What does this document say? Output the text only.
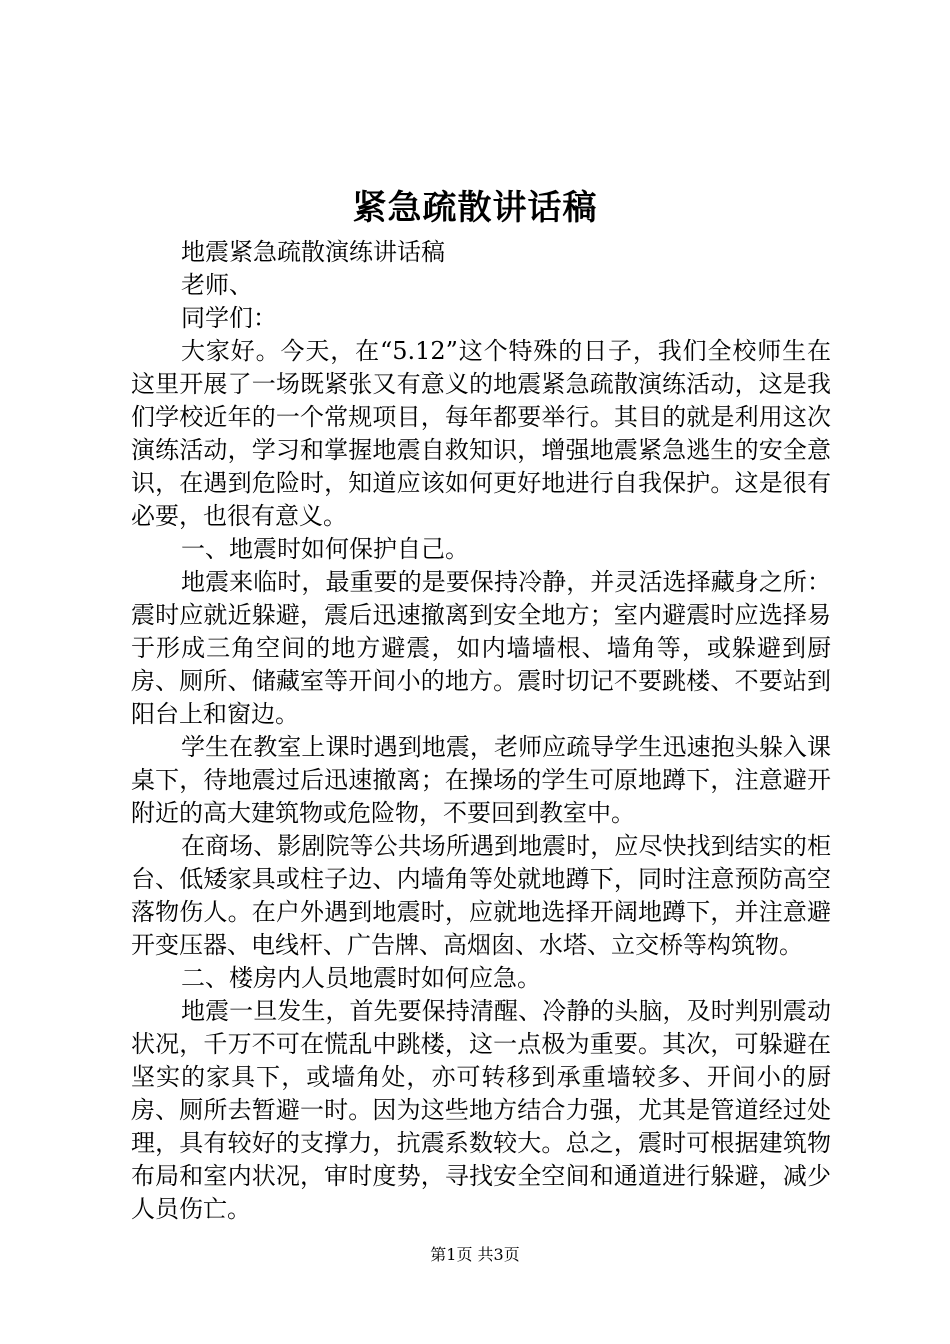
紧急疏散讲话稿

地震紧急疏散演练讲话稿

老师、

同学们：

大家好。今天，在“5.12”这个特殊的日子，我们全校师生在这里开展了一场既紧张又有意义的地震紧急疏散演练活动，这是我们学校近年的一个常规项目，每年都要举行。其目的就是利用这次演练活动，学习和掌握地震自救知识，增强地震紧急逃生的安全意识，在遇到危险时，知道应该如何更好地进行自我保护。这是很有必要，也很有意义。

一、地震时如何保护自己。

地震来临时，最重要的是要保持冷静，并灵活选择藏身之所：震时应就近躲避，震后迅速撤离到安全地方；室内避震时应选择易于形成三角空间的地方避震，如内墙墙根、墙角等，或躲避到厨房、厕所、储藏室等开间小的地方。震时切记不要跳楼、不要站到阳台上和窗边。

学生在教室上课时遇到地震，老师应疏导学生迅速抱头躲入课桌下，待地震过后迅速撤离；在操场的学生可原地蹲下，注意避开附近的高大建筑物或危险物，不要回到教室中。

在商场、影剧院等公共场所遇到地震时，应尽快找到结实的柜台、低矮家具或柱子边、内墙角等处就地蹲下，同时注意预防高空落物伤人。在户外遇到地震时，应就地选择开阔地蹲下，并注意避开变压器、电线杆、广告牌、高烟囱、水塔、立交桥等构筑物。

二、楼房内人员地震时如何应急。

地震一旦发生，首先要保持清醒、冷静的头脑，及时判别震动状况，千万不可在慌乱中跳楼，这一点极为重要。其次，可躲避在坚实的家具下，或墙角处，亦可转移到承重墙较多、开间小的厨房、厕所去暂避一时。因为这些地方结合力强，尤其是管道经过处理，具有较好的支撑力，抗震系数较大。总之，震时可根据建筑物布局和室内状况，审时度势，寻找安全空间和通道进行躲避，减少人员伤亡。

第1页 共3页
